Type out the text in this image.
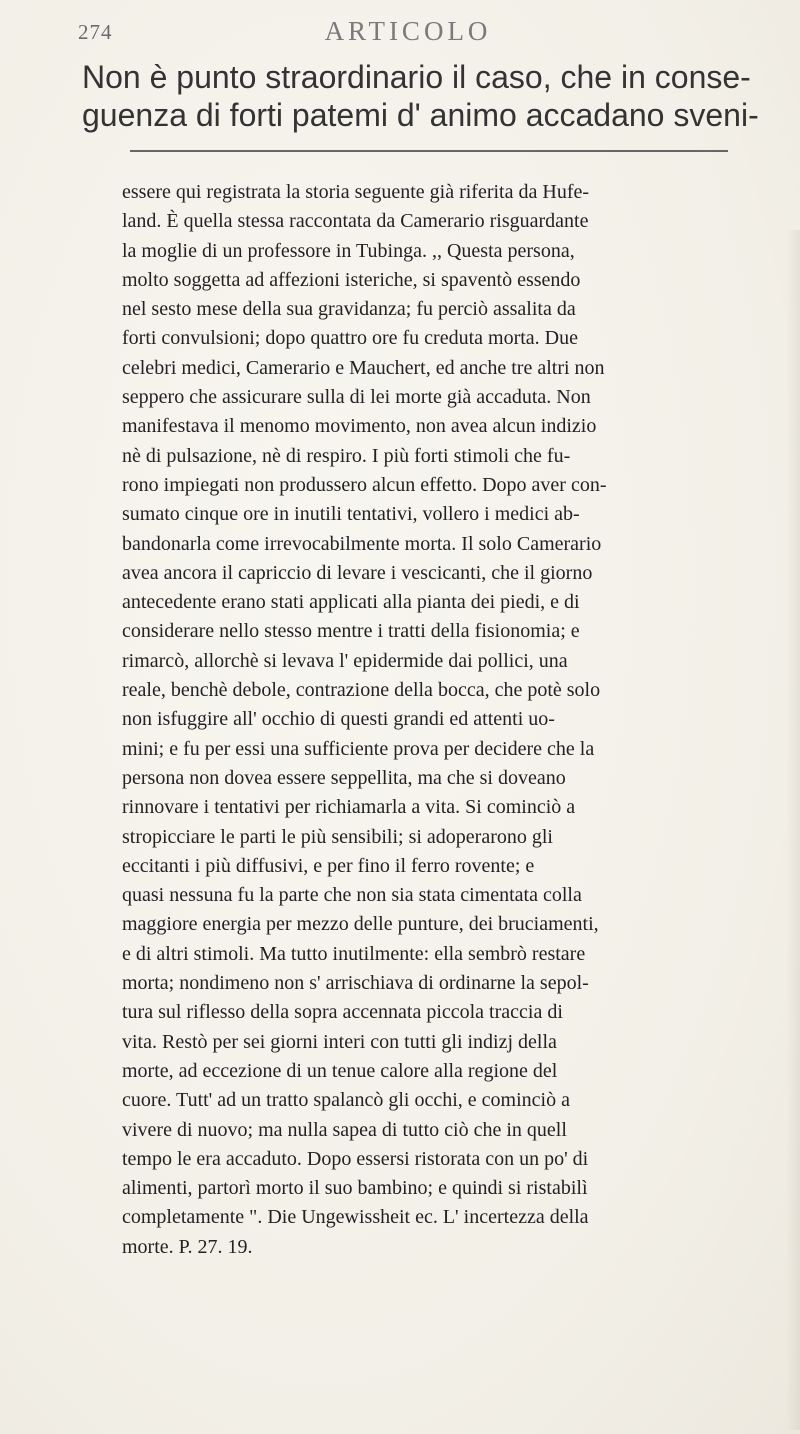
274	ARTICOLO
Non è punto straordinario il caso, che in conse-
guenza di forti patemi d' animo accadano sveni-
essere qui registrata la storia seguente già riferita da Hufe-
land. È quella stessa raccontata da Camerario risguardante
la moglie di un professore in Tubinga. ,, Questa persona,
molto soggetta ad affezioni isteriche, si spaventò essendo
nel sesto mese della sua gravidanza; fu perciò assalita da
forti convulsioni; dopo quattro ore fu creduta morta. Due
celebri medici, Camerario e Mauchert, ed anche tre altri non
seppero che assicurare sulla di lei morte già accaduta. Non
manifestava il menomo movimento, non avea alcun indizio
nè di pulsazione, nè di respiro. I più forti stimoli che fu-
rono impiegati non produssero alcun effetto. Dopo aver con-
sumato cinque ore in inutili tentativi, vollero i medici ab-
bandonarla come irrevocabilmente morta. Il solo Camerario
avea ancora il capriccio di levare i vescicanti, che il giorno
antecedente erano stati applicati alla pianta dei piedi, e di
considerare nello stesso mentre i tratti della fisionomia; e
rimarcò, allorchè si levava l' epidermide dai pollici, una
reale, benchè debole, contrazione della bocca, che potè solo
non isfuggire all' occhio di questi grandi ed attenti uo-
mini; e fu per essi una sufficiente prova per decidere che la
persona non dovea essere seppellita, ma che si doveano
rinnovare i tentativi per richiamarla a vita. Si cominciò a
stropicciare le parti le più sensibili; si adoperarono gli
eccitanti i più diffusivi, e per fino il ferro rovente; e
quasi nessuna fu la parte che non sia stata cimentata colla
maggiore energia per mezzo delle punture, dei bruciamenti,
e di altri stimoli. Ma tutto inutilmente: ella sembrò restare
morta; nondimeno non s' arrischiava di ordinarne la sepol-
tura sul riflesso della sopra accennata piccola traccia di
vita. Restò per sei giorni interi con tutti gli indizj della
morte, ad eccezione di un tenue calore alla regione del
cuore. Tutt' ad un tratto spalancò gli occhi, e cominciò a
vivere di nuovo; ma nulla sapea di tutto ciò che in quell
tempo le era accaduto. Dopo essersi ristorata con un po' di
alimenti, partorì morto il suo bambino; e quindi si ristabilì
completamente ". Die Ungewissheit ec. L' incertezza della
morte. P. 27. 19.
